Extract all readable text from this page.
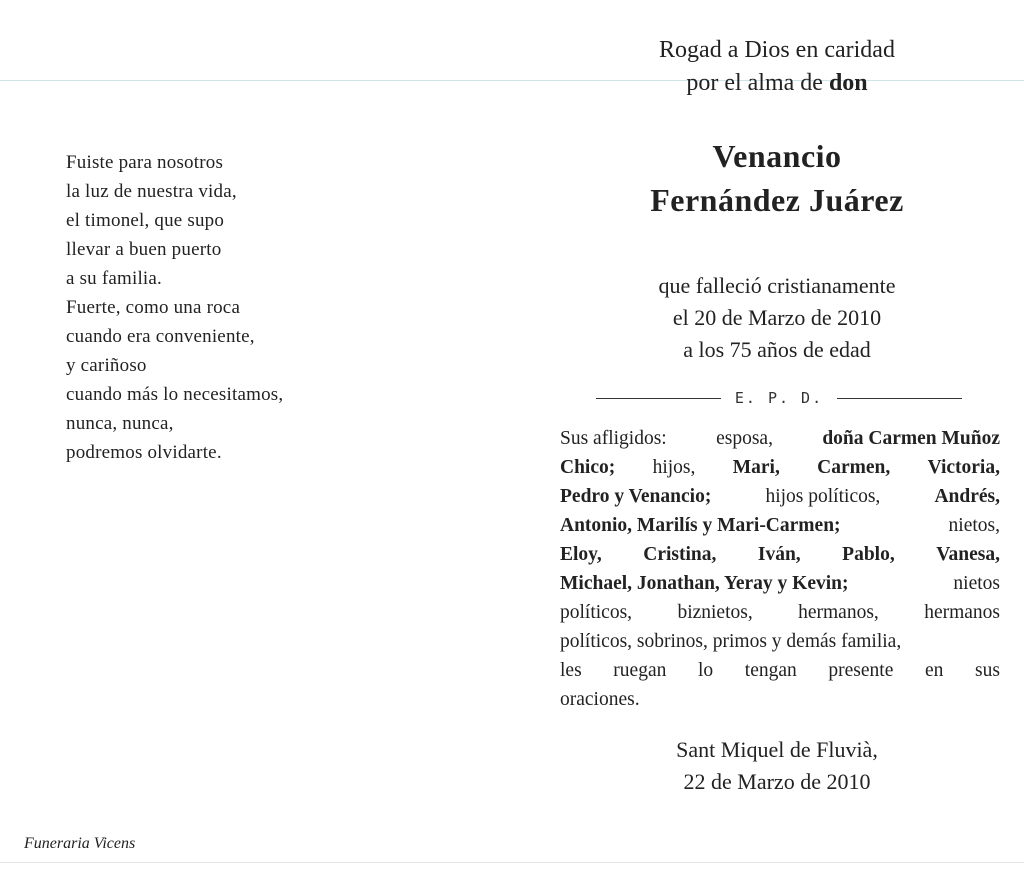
Fuiste para nosotros
la luz de nuestra vida,
el timonel, que supo
llevar a buen puerto
a su familia.
Fuerte, como una roca
cuando era conveniente,
y cariñoso
cuando más lo necesitamos,
nunca, nunca,
podremos olvidarte.
Funeraria Vicens
Rogad a Dios en caridad
por el alma de don
Venancio
Fernández Juárez
que falleció cristianamente
el 20 de Marzo de 2010
a los 75 años de edad
E. P. D.
Sus afligidos:	esposa,	doña Carmen Muñoz
Chico; hijos, Mari, Carmen, Victoria,
Pedro y Venancio;	hijos políticos,	Andrés,
Antonio, Marilís y Mari-Carmen;	nietos,
Eloy, Cristina, Iván, Pablo, Vanesa,
Michael, Jonathan, Yeray y Kevin;	nietos
políticos, biznietos, hermanos, hermanos
políticos, sobrinos, primos y demás familia,
les ruegan lo tengan presente en sus
oraciones.
Sant Miquel de Fluvià,
22 de Marzo de 2010
